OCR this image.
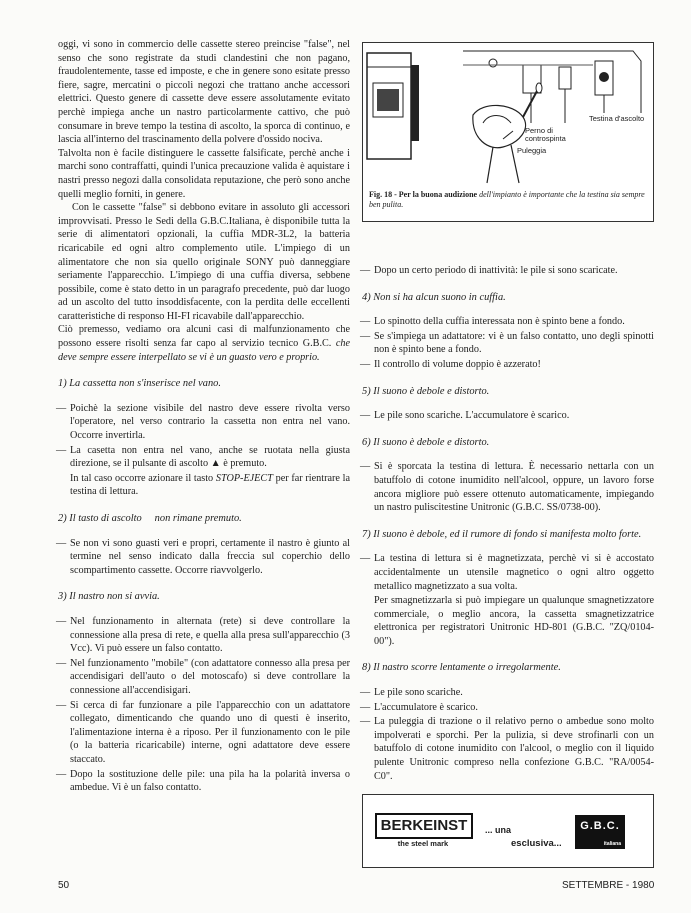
oggi, vi sono in commercio delle cassette stereo preincise "false", nel senso che sono registrate da studi clandestini che non pagano, fraudolentemente, tasse ed imposte, e che in genere sono esitate presso fiere, sagre, mercatini o piccoli negozi che trattano anche accessori elettrici. Questo genere di cassette deve essere assolutamente evitato perchè impiega anche un nastro particolarmente cattivo, che può consumare in breve tempo la testina di ascolto, la sporca di continuo, e lascia all'interno del trascinamento della polvere d'ossido nociva.

Talvolta non è facile distinguere le cassette falsificate, perchè anche i marchi sono contraffatti, quindi l'unica precauzione valida è aquistare i nastri presso negozi dalla consolidata reputazione, che però sono anche quelli meglio forniti, in genere.

Con le cassette "false" si debbono evitare in assoluto gli accessori improvvisati. Presso le Sedi della G.B.C.Italiana, è disponibile tutta la serie di alimentatori opzionali, la cuffia MDR-3L2, la batteria ricaricabile ed ogni altro complemento utile. L'impiego di un alimentatore che non sia quello originale SONY può danneggiare seriamente l'apparecchio. L'impiego di una cuffia diversa, sebbene possibile, come è stato detto in un paragrafo precedente, può dar luogo ad un ascolto del tutto insoddisfacente, con la perdita delle eccellenti caratteristiche di responso HI-FI ricavabile dall'apparecchio.

Ciò premesso, vediamo ora alcuni casi di malfunzionamento che possono essere risolti senza far capo al servizio tecnico G.B.C. che deve sempre essere interpellato se vi è un guasto vero e proprio.

1) La cassetta non s'inserisce nel vano.

— Poichè la sezione visibile del nastro deve essere rivolta verso l'operatore, nel verso contrario la cassetta non entra nel vano. Occorre invertirla.

— La casetta non entra nel vano, anche se ruotata nella giusta direzione, se il pulsante di ascolto ▲ è premuto.

In tal caso occorre azionare il tasto STOP-EJECT per far rientrare la testina di lettura.

2) Il tasto di ascolto     non rimane premuto.

— Se non vi sono guasti veri e propri, certamente il nastro è giunto al termine nel senso indicato dalla freccia sul coperchio dello scompartimento cassette. Occorre riavvolgerlo.

3) Il nastro non si avvia.

— Nel funzionamento in alternata (rete) si deve controllare la connessione alla presa di rete, e quella alla presa sull'apparecchio (3 Vcc). Vi può essere un falso contatto.

— Nel funzionamento "mobile" (con adattatore connesso alla presa per accendisigari dell'auto o del motoscafo) si deve controllare la connessione all'accendisigari.

— Si cerca di far funzionare a pile l'apparecchio con un adattatore collegato, dimenticando che quando uno di questi è inserito, l'alimentazione interna è a riposo. Per il funzionamento con le pile (o la batteria ricaricabile) interne, ogni adattatore deve essere staccato.

— Dopo la sostituzione delle pile: una pila ha la polarità inversa o ambedue. Vi è un falso contatto.

Perno di
controspinta
Testina d'ascolto
Puleggia
Fig. 18 - Per la buona audizione dell'impianto è importante che la testina sia sempre ben pulita.

— Dopo un certo periodo di inattività: le pile si sono scaricate.

4) Non si ha alcun suono in cuffia.

— Lo spinotto della cuffia interessata non è spinto bene a fondo.

— Se s'impiega un adattatore: vi è un falso contatto, uno degli spinotti non è spinto bene a fondo.

— Il controllo di volume doppio è azzerato!

5) Il suono è debole e distorto.

— Le pile sono scariche. L'accumulatore è scarico.

6) Il suono è debole e distorto.

— Si è sporcata la testina di lettura. È necessario nettarla con un batuffolo di cotone inumidito nell'alcool, oppure, un lavoro forse ancora migliore può essere ottenuto automaticamente, impiegando un nastro puliscitestine Unitronic (G.B.C. SS/0738-00).

7) Il suono è debole, ed il rumore di fondo si manifesta molto forte.

— La testina di lettura si è magnetizzata, perchè vi si è accostato accidentalmente un utensile magnetico o ogni altro oggetto metallico magnetizzato a sua volta.

Per smagnetizzarla si può impiegare un qualunque smagnetizzatore commerciale, o meglio ancora, la cassetta smagnetizzatrice elettronica per registratori Unitronic HD-801 (G.B.C. "ZQ/0104-00").

8) Il nastro scorre lentamente o irregolarmente.

— Le pile sono scariche.

— L'accumulatore è scarico.

— La puleggia di trazione o il relativo perno o ambedue sono molto impolverati e sporchi. Per la pulizia, si deve strofinarli con un batuffolo di cotone inumidito con l'alcool, o meglio con il liquido pulente Unitronic compreso nella confezione G.B.C. "RA/0054-C0".

BERKEINST
the steel mark
... una
esclusiva...
G.B.C.
italiana
50	SETTEMBRE - 1980
